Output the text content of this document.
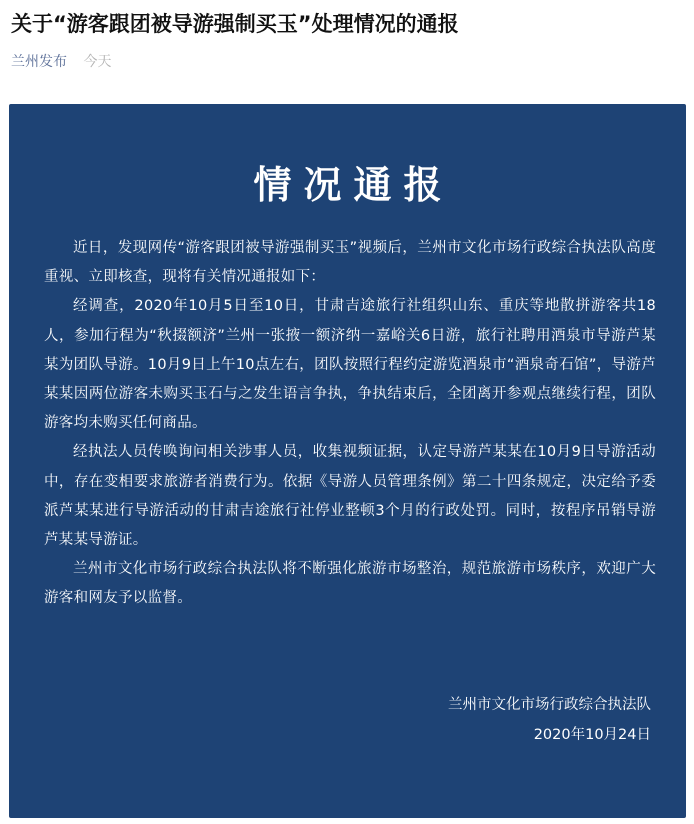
关于“游客跟团被导游强制买玉”处理情况的通报
兰州发布 今天
情况通报

近日，发现网传“游客跟团被导游强制买玉”视频后，兰州市文化市场行政综合执法队高度重视、立即核查，现将有关情况通报如下：

经调查，2020年10月5日至10日，甘肃吉途旅行社组织山东、重庆等地散拼游客共18人，参加行程为“秋掇额济”兰州一张掖一额济纳一嘉峪关6日游，旅行社聘用酒泉市导游芦某某为团队导游。10月9日上午10点左右，团队按照行程约定游览酒泉市“酒泉奇石馆”，导游芦某某因两位游客未购买玉石与之发生语言争执，争执结束后，全团离开参观点继续行程，团队游客均未购买任何商品。

经执法人员传唤询问相关涉事人员，收集视频证据，认定导游芦某某在10月9日导游活动中，存在变相要求旅游者消费行为。依据《导游人员管理条例》第二十四条规定，决定给予委派芦某某进行导游活动的甘肃吉途旅行社停业整顿3个月的行政处罚。同时，按程序吊销导游芦某某导游证。

兰州市文化市场行政综合执法队将不断强化旅游市场整治，规范旅游市场秩序，欢迎广大游客和网友予以监督。

兰州市文化市场行政综合执法队
2020年10月24日
